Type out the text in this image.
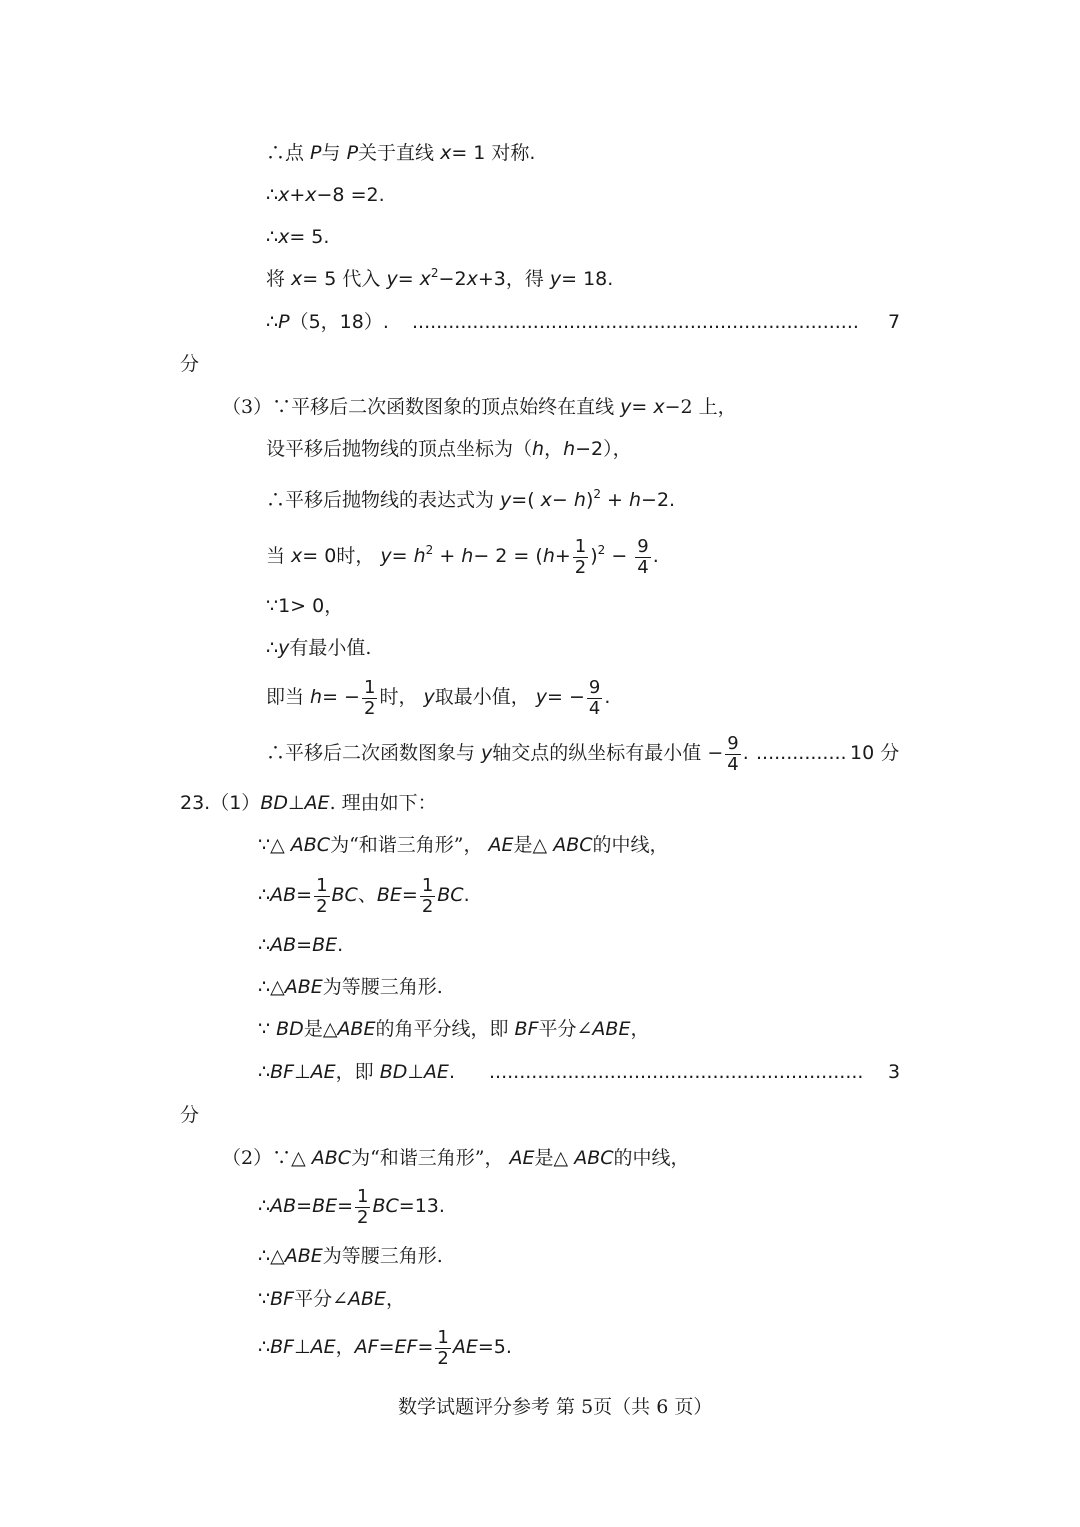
∴点 P与 P关于直线 x= 1 对称.
∴x+x−8 =2.
∴x= 5.
将 x= 5 代入 $y= x^2-2x+3$，得 y= 18.
∴P（5，18）. .......................................................................... 7
分
（3）∵平移后二次函数图象的顶点始终在直线 y= x−2 上，
设平移后抛物线的顶点坐标为（h，h−2），
∴平移后抛物线的表达式为 y=( x− h)$^2$ + h−2.
当 x= 0时， $y= h^2 + h- 2 = (h+ \frac{1}{2} )^2 - \frac{9}{4}$ .
∵1> 0，
∴y有最小值.
即当 $h= - \frac{1}{2}$ 时， y取最小值， $y= - \frac{9}{4}$ .
∴平移后二次函数图象与 y轴交点的纵坐标有最小值 − $\frac{9}{4}$ . ............... 10 分
23.（1）BD⊥AE. 理由如下：
∵△ ABC为“和谐三角形”， AE是△ ABC的中线，
∴AB= $\frac{1}{2}$ BC、$BE= \frac{1}{2}$ BC.
∴AB=BE.
∴△ABE为等腰三角形.
∵ BD是△ABE的角平分线，即 BF平分∠ABE，
∴BF⊥AE，即 BD⊥AE. .............................................................. 3
分
（2）∵△ ABC为“和谐三角形”， AE是△ ABC的中线，
∴AB=BE= $\frac{1}{2} BC=13$.
∴△ABE为等腰三角形.
∵BF平分∠ABE，
∴BF⊥AE，$AF=EF= \frac{1}{2} AE=5$.
数学试题评分参考 第 5页（共 6 页）
